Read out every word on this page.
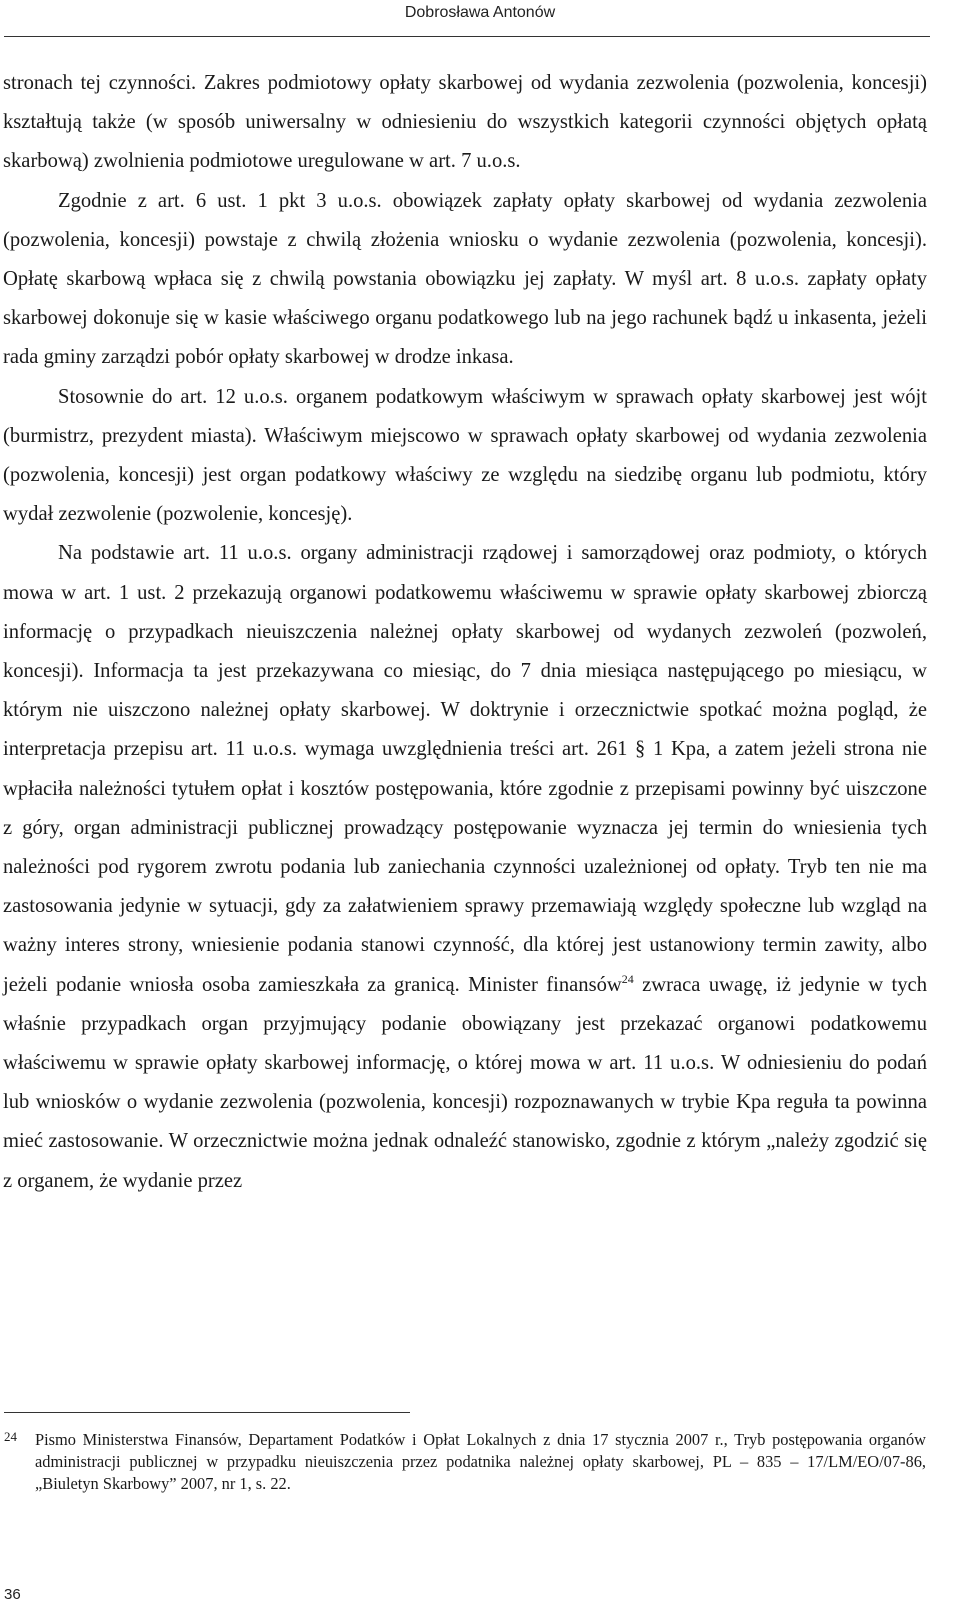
Dobrosława Antonów

stronach tej czynności. Zakres podmiotowy opłaty skarbowej od wydania zezwolenia (pozwolenia, koncesji) kształtują także (w sposób uniwersalny w odniesieniu do wszystkich kategorii czynności objętych opłatą skarbową) zwolnienia podmiotowe uregulowane w art. 7 u.o.s.

Zgodnie z art. 6 ust. 1 pkt 3 u.o.s. obowiązek zapłaty opłaty skarbowej od wydania zezwolenia (pozwolenia, koncesji) powstaje z chwilą złożenia wniosku o wydanie zezwolenia (pozwolenia, koncesji). Opłatę skarbową wpłaca się z chwilą powstania obowiązku jej zapłaty. W myśl art. 8 u.o.s. zapłaty opłaty skarbowej dokonuje się w kasie właściwego organu podatkowego lub na jego rachunek bądź u inkasenta, jeżeli rada gminy zarządzi pobór opłaty skarbowej w drodze inkasa.

Stosownie do art. 12 u.o.s. organem podatkowym właściwym w sprawach opłaty skarbowej jest wójt (burmistrz, prezydent miasta). Właściwym miejscowo w sprawach opłaty skarbowej od wydania zezwolenia (pozwolenia, koncesji) jest organ podatkowy właściwy ze względu na siedzibę organu lub podmiotu, który wydał zezwolenie (pozwolenie, koncesję).

Na podstawie art. 11 u.o.s. organy administracji rządowej i samorządowej oraz podmioty, o których mowa w art. 1 ust. 2 przekazują organowi podatkowemu właściwemu w sprawie opłaty skarbowej zbiorczą informację o przypadkach nieuiszczenia należnej opłaty skarbowej od wydanych zezwoleń (pozwoleń, koncesji). Informacja ta jest przekazywana co miesiąc, do 7 dnia miesiąca następującego po miesiącu, w którym nie uiszczono należnej opłaty skarbowej. W doktrynie i orzecznictwie spotkać można pogląd, że interpretacja przepisu art. 11 u.o.s. wymaga uwzględnienia treści art. 261 § 1 Kpa, a zatem jeżeli strona nie wpłaciła należności tytułem opłat i kosztów postępowania, które zgodnie z przepisami powinny być uiszczone z góry, organ administracji publicznej prowadzący postępowanie wyznacza jej termin do wniesienia tych należności pod rygorem zwrotu podania lub zaniechania czynności uzależnionej od opłaty. Tryb ten nie ma zastosowania jedynie w sytuacji, gdy za załatwieniem sprawy przemawiają względy społeczne lub wzgląd na ważny interes strony, wniesienie podania stanowi czynność, dla której jest ustanowiony termin zawity, albo jeżeli podanie wniosła osoba zamieszkała za granicą. Minister finansów$^{24}$ zwraca uwagę, iż jedynie w tych właśnie przypadkach organ przyjmujący podanie obowiązany jest przekazać organowi podatkowemu właściwemu w sprawie opłaty skarbowej informację, o której mowa w art. 11 u.o.s. W odniesieniu do podań lub wniosków o wydanie zezwolenia (pozwolenia, koncesji) rozpoznawanych w trybie Kpa reguła ta powinna mieć zastosowanie. W orzecznictwie można jednak odnaleźć stanowisko, zgodnie z którym „należy zgodzić się z organem, że wydanie przez

24 Pismo Ministerstwa Finansów, Departament Podatków i Opłat Lokalnych z dnia 17 stycznia 2007 r., Tryb postępowania organów administracji publicznej w przypadku nieuiszczenia przez podatnika należnej opłaty skarbowej, PL – 835 – 17/LM/EO/07-86, „Biuletyn Skarbowy” 2007, nr 1, s. 22.
36
